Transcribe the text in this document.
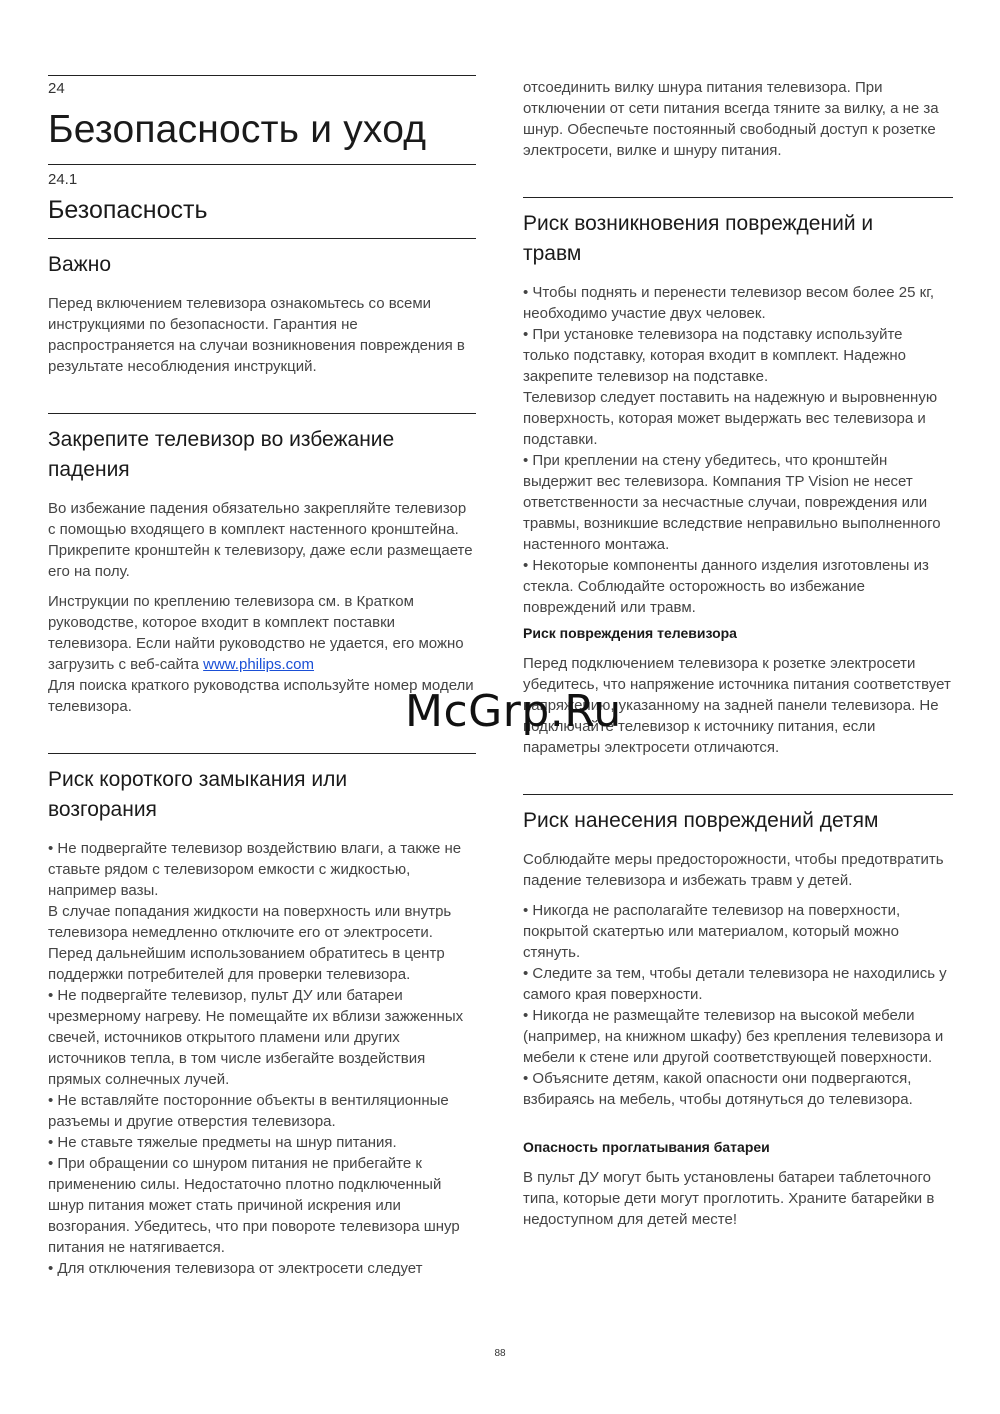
24
Безопасность и уход
24.1
Безопасность
Важно

Перед включением телевизора ознакомьтесь со всеми инструкциями по безопасности. Гарантия не распространяется на случаи возникновения повреждения в результате несоблюдения инструкций.

Закрепите телевизор во избежание
падения

Во избежание падения обязательно закрепляйте телевизор с помощью входящего в комплект настенного кронштейна. Прикрепите кронштейн к телевизору, даже если размещаете его на полу.

Инструкции по креплению телевизора см. в Кратком руководстве, которое входит в комплект поставки телевизора. Если найти руководство не удается, его можно загрузить с веб-сайта www.philips.com

Для поиска краткого руководства используйте номер модели телевизора.

Риск короткого замыкания или
возгорания

• Не подвергайте телевизор воздействию влаги, а также не ставьте рядом с телевизором емкости с жидкостью, например вазы.

В случае попадания жидкости на поверхность или внутрь телевизора немедленно отключите его от электросети. Перед дальнейшим использованием обратитесь в центр поддержки потребителей для проверки телевизора.

• Не подвергайте телевизор, пульт ДУ или батареи чрезмерному нагреву. Не помещайте их вблизи зажженных свечей, источников открытого пламени или других источников тепла, в том числе избегайте воздействия прямых солнечных лучей.

• Не вставляйте посторонние объекты в вентиляционные разъемы и другие отверстия телевизора.

• Не ставьте тяжелые предметы на шнур питания.

• При обращении со шнуром питания не прибегайте к применению силы. Недостаточно плотно подключенный шнур питания может стать причиной искрения или возгорания. Убедитесь, что при повороте телевизора шнур питания не натягивается.

• Для отключения телевизора от электросети следует

отсоединить вилку шнура питания телевизора. При отключении от сети питания всегда тяните за вилку, а не за шнур. Обеспечьте постоянный свободный доступ к розетке электросети, вилке и шнуру питания.

Риск возникновения повреждений и
травм

• Чтобы поднять и перенести телевизор весом более 25 кг, необходимо участие двух человек.

• При установке телевизора на подставку используйте только подставку, которая входит в комплект. Надежно закрепите телевизор на подставке.

Телевизор следует поставить на надежную и выровненную поверхность, которая может выдержать вес телевизора и подставки.

• При креплении на стену убедитесь, что кронштейн выдержит вес телевизора. Компания TP Vision не несет ответственности за несчастные случаи, повреждения или травмы, возникшие вследствие неправильно выполненного настенного монтажа.

• Некоторые компоненты данного изделия изготовлены из стекла. Соблюдайте осторожность во избежание повреждений или травм.

Риск повреждения телевизора

Перед подключением телевизора к розетке электросети убедитесь, что напряжение источника питания соответствует напряжению, указанному на задней панели телевизора. Не подключайте телевизор к источнику питания, если параметры электросети отличаются.

Риск нанесения повреждений детям

Соблюдайте меры предосторожности, чтобы предотвратить падение телевизора и избежать травм у детей.

• Никогда не располагайте телевизор на поверхности, покрытой скатертью или материалом, который можно стянуть.

• Следите за тем, чтобы детали телевизора не находились у самого края поверхности.

• Никогда не размещайте телевизор на высокой мебели (например, на книжном шкафу) без крепления телевизора и мебели к стене или другой соответствующей поверхности.

• Объясните детям, какой опасности они подвергаются, взбираясь на мебель, чтобы дотянуться до телевизора.

Опасность проглатывания батареи

В пульт ДУ могут быть установлены батареи таблеточного типа, которые дети могут проглотить. Храните батарейки в недоступном для детей месте!

McGrp.Ru
88
